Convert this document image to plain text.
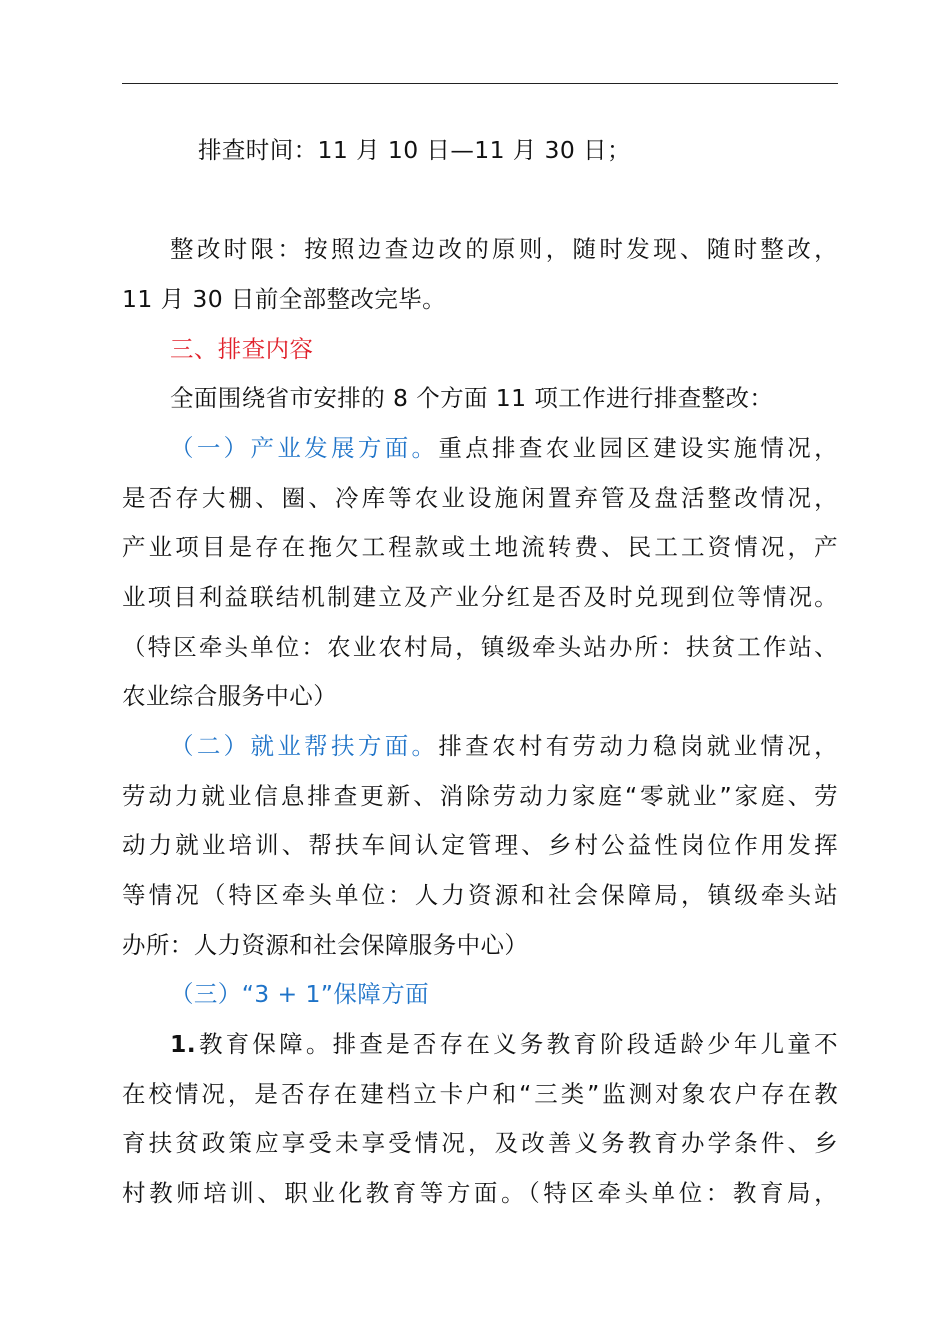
排查时间：11 月 10 日—11 月 30 日；
整改时限：按照边查边改的原则，随时发现、随时整改，
11 月 30 日前全部整改完毕。
三、排查内容
全面围绕省市安排的 8 个方面 11 项工作进行排查整改：
（一）产业发展方面。重点排查农业园区建设实施情况，
是否存大棚、圈、冷库等农业设施闲置弃管及盘活整改情况，
产业项目是存在拖欠工程款或土地流转费、民工工资情况，产
业项目利益联结机制建立及产业分红是否及时兑现到位等情况。
（特区牵头单位：农业农村局，镇级牵头站办所：扶贫工作站、
农业综合服务中心）
（二）就业帮扶方面。排查农村有劳动力稳岗就业情况，
劳动力就业信息排查更新、消除劳动力家庭“零就业”家庭、劳
动力就业培训、帮扶车间认定管理、乡村公益性岗位作用发挥
等情况（特区牵头单位：人力资源和社会保障局，镇级牵头站
办所：人力资源和社会保障服务中心）
（三）“3 + 1”保障方面
1.教育保障。排查是否存在义务教育阶段适龄少年儿童不
在校情况，是否存在建档立卡户和“三类”监测对象农户存在教
育扶贫政策应享受未享受情况，及改善义务教育办学条件、乡
村教师培训、职业化教育等方面。（特区牵头单位：教育局，
